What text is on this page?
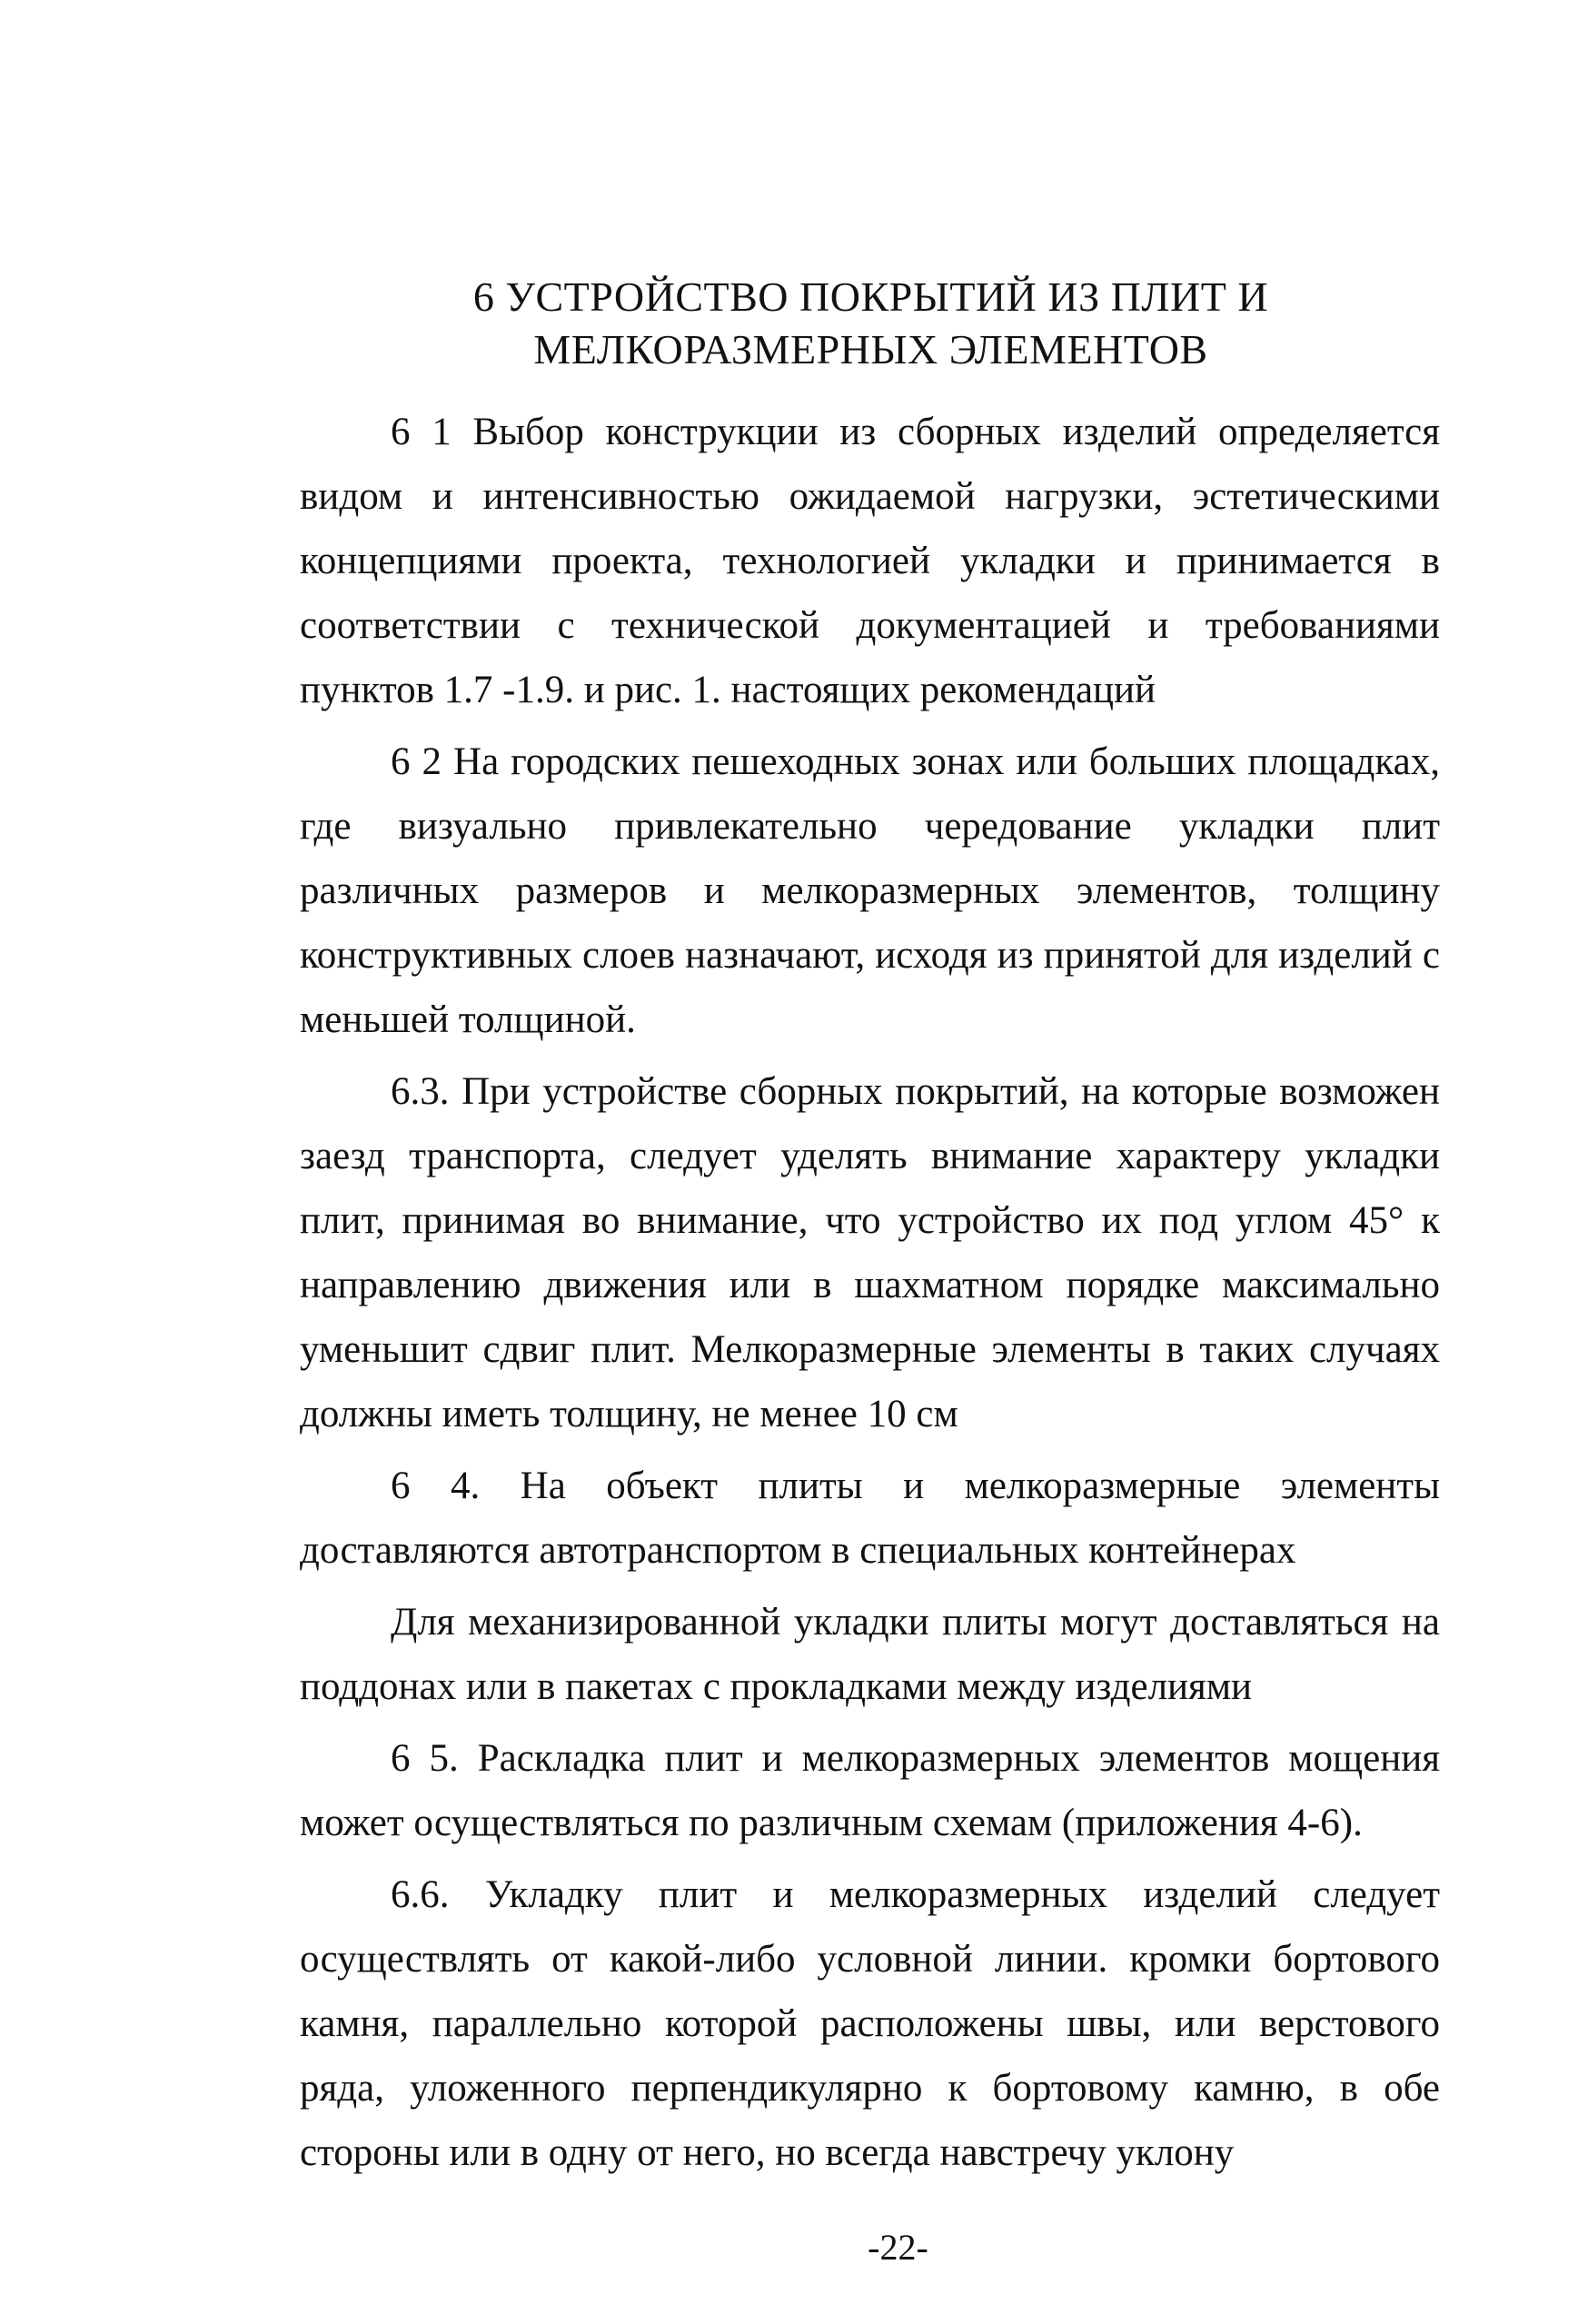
6 УСТРОЙСТВО ПОКРЫТИЙ ИЗ ПЛИТ И
МЕЛКОРАЗМЕРНЫХ ЭЛЕМЕНТОВ

6 1 Выбор конструкции из сборных изделий определяется видом и интенсивностью ожидаемой нагрузки, эстетическими концепциями проекта, технологией укладки и принимается в соответствии с технической документацией и требованиями пунктов 1.7 -1.9. и рис. 1. настоящих рекомендаций

6 2 На городских пешеходных зонах или больших площадках, где визуально привлекательно чередование укладки плит различных размеров и мелкоразмерных элементов, толщину конструктивных слоев назначают, исходя из принятой для изделий с меньшей толщиной.

6.3. При устройстве сборных покрытий, на которые возможен заезд транспорта, следует уделять внимание характеру укладки плит, принимая во внимание, что устройство их под углом 45° к направлению движения или в шахматном порядке максимально уменьшит сдвиг плит. Мелкоразмерные элементы в таких случаях должны иметь толщину, не менее 10 см

6 4. На объект плиты и мелкоразмерные элементы доставляются автотранспортом в специальных контейнерах

Для механизированной укладки плиты могут доставляться на поддонах или в пакетах с прокладками между изделиями

6 5. Раскладка плит и мелкоразмерных элементов мощения может осуществляться по различным схемам (приложения 4-6).

6.6. Укладку плит и мелкоразмерных изделий следует осуществлять от какой-либо условной линии. кромки бортового камня, параллельно которой расположены швы, или верстового ряда, уложенного перпендикулярно к бортовому камню, в обе стороны или в одну от него, но всегда навстречу уклону

-22-
